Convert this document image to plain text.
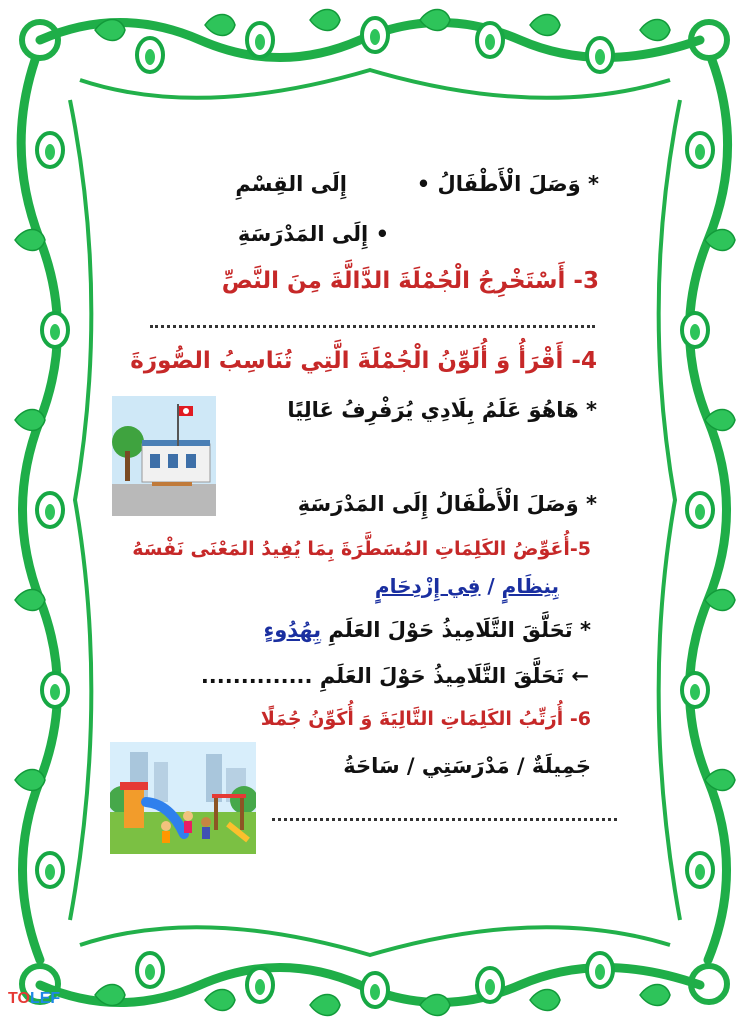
* وَصَلَ الْأَطْفَالُ •
إِلَى القِسْمِ
• إِلَى المَدْرَسَةِ
3- أَسْتَخْرِجُ الْجُمْلَةَ الدَّالَّةَ مِنَ النَّصِّ
4- أَقْرَأُ وَ أُلَوِّنُ الْجُمْلَةَ الَّتِي تُنَاسِبُ الصُّورَةَ
* هَاهُوَ عَلَمُ بِلَادِي يُرَفْرِفُ عَالِيًا
* وَصَلَ الْأَطْفَالُ إِلَى المَدْرَسَةِ
5-أُعَوِّضُ الكَلِمَاتِ المُسَطَّرَةَ بِمَا يُفِيدُ المَعْنَى نَفْسَهُ
بِنِظَامٍ / فِي إِزْدِحَامٍ
* تَحَلَّقَ التَّلَامِيذُ حَوْلَ العَلَمِ بِهُدُوءٍ
← تَحَلَّقَ التَّلَامِيذُ حَوْلَ العَلَمِ ..............
6- أُرَتِّبُ الكَلِمَاتِ التَّالِيَةَ وَ أُكَوِّنُ جُمَلًا
جَمِيلَةٌ / مَدْرَسَتِي / سَاحَةُ
TOLEF
